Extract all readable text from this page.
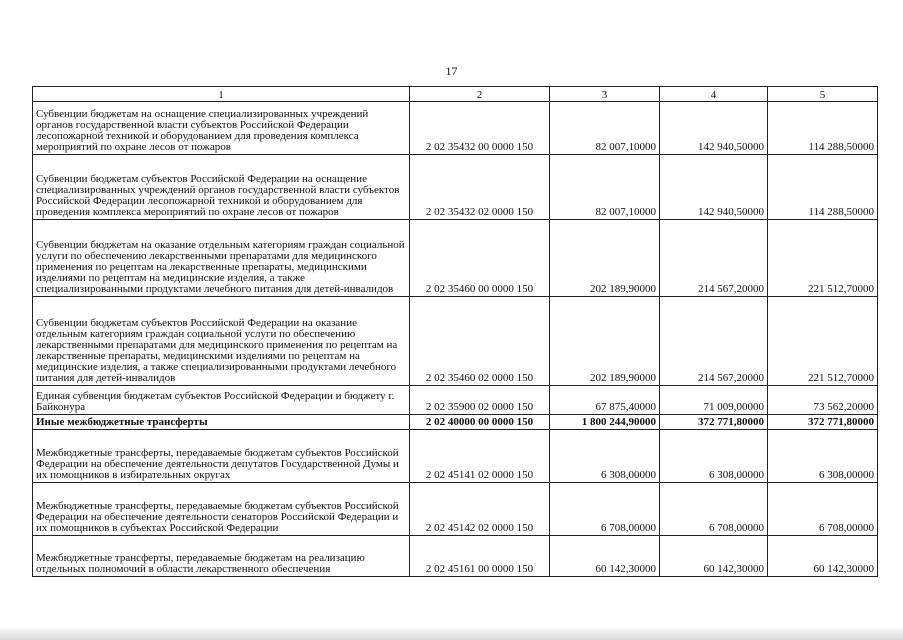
17
1	2	3	4	5
Субвенции бюджетам на оснащение специализированных учреждений органов государственной власти субъектов Российской Федерации лесопожарной техникой и оборудованием для проведения комплекса мероприятий по охране лесов от пожаров	2 02 35432 00 0000 150	82 007,10000	142 940,50000	114 288,50000
Субвенции бюджетам субъектов Российской Федерации на оснащение специализированных учреждений органов государственной власти субъектов Российской Федерации лесопожарной техникой и оборудованием для проведения комплекса мероприятий по охране лесов от пожаров	2 02 35432 02 0000 150	82 007,10000	142 940,50000	114 288,50000
Субвенции бюджетам на оказание отдельным категориям граждан социальной услуги по обеспечению лекарственными препаратами для медицинского применения по рецептам на лекарственные препараты, медицинскими изделиями по рецептам на медицинские изделия, а также специализированными продуктами лечебного питания для детей-инвалидов	2 02 35460 00 0000 150	202 189,90000	214 567,20000	221 512,70000
Субвенции бюджетам субъектов Российской Федерации на оказание отдельным категориям граждан социальной услуги по обеспечению лекарственными препаратами для медицинского применения по рецептам на лекарственные препараты, медицинскими изделиями по рецептам на медицинские изделия, а также специализированными продуктами лечебного питания для детей-инвалидов	2 02 35460 02 0000 150	202 189,90000	214 567,20000	221 512,70000
Единая субвенция бюджетам субъектов Российской Федерации и бюджету г. Байконура	2 02 35900 02 0000 150	67 875,40000	71 009,00000	73 562,20000
Иные межбюджетные трансферты	2 02 40000 00 0000 150	1 800 244,90000	372 771,80000	372 771,80000
Межбюджетные трансферты, передаваемые бюджетам субъектов Российской Федерации на обеспечение деятельности депутатов Государственной Думы и их помощников в избирательных округах	2 02 45141 02 0000 150	6 308,00000	6 308,00000	6 308,00000
Межбюджетные трансферты, передаваемые бюджетам субъектов Российской Федерации на обеспечение деятельности сенаторов Российской Федерации и их помощников в субъектах Российской Федерации	2 02 45142 02 0000 150	6 708,00000	6 708,00000	6 708,00000
Межбюджетные трансферты, передаваемые бюджетам на реализацию отдельных полномочий в области лекарственного обеспечения	2 02 45161 00 0000 150	60 142,30000	60 142,30000	60 142,30000
